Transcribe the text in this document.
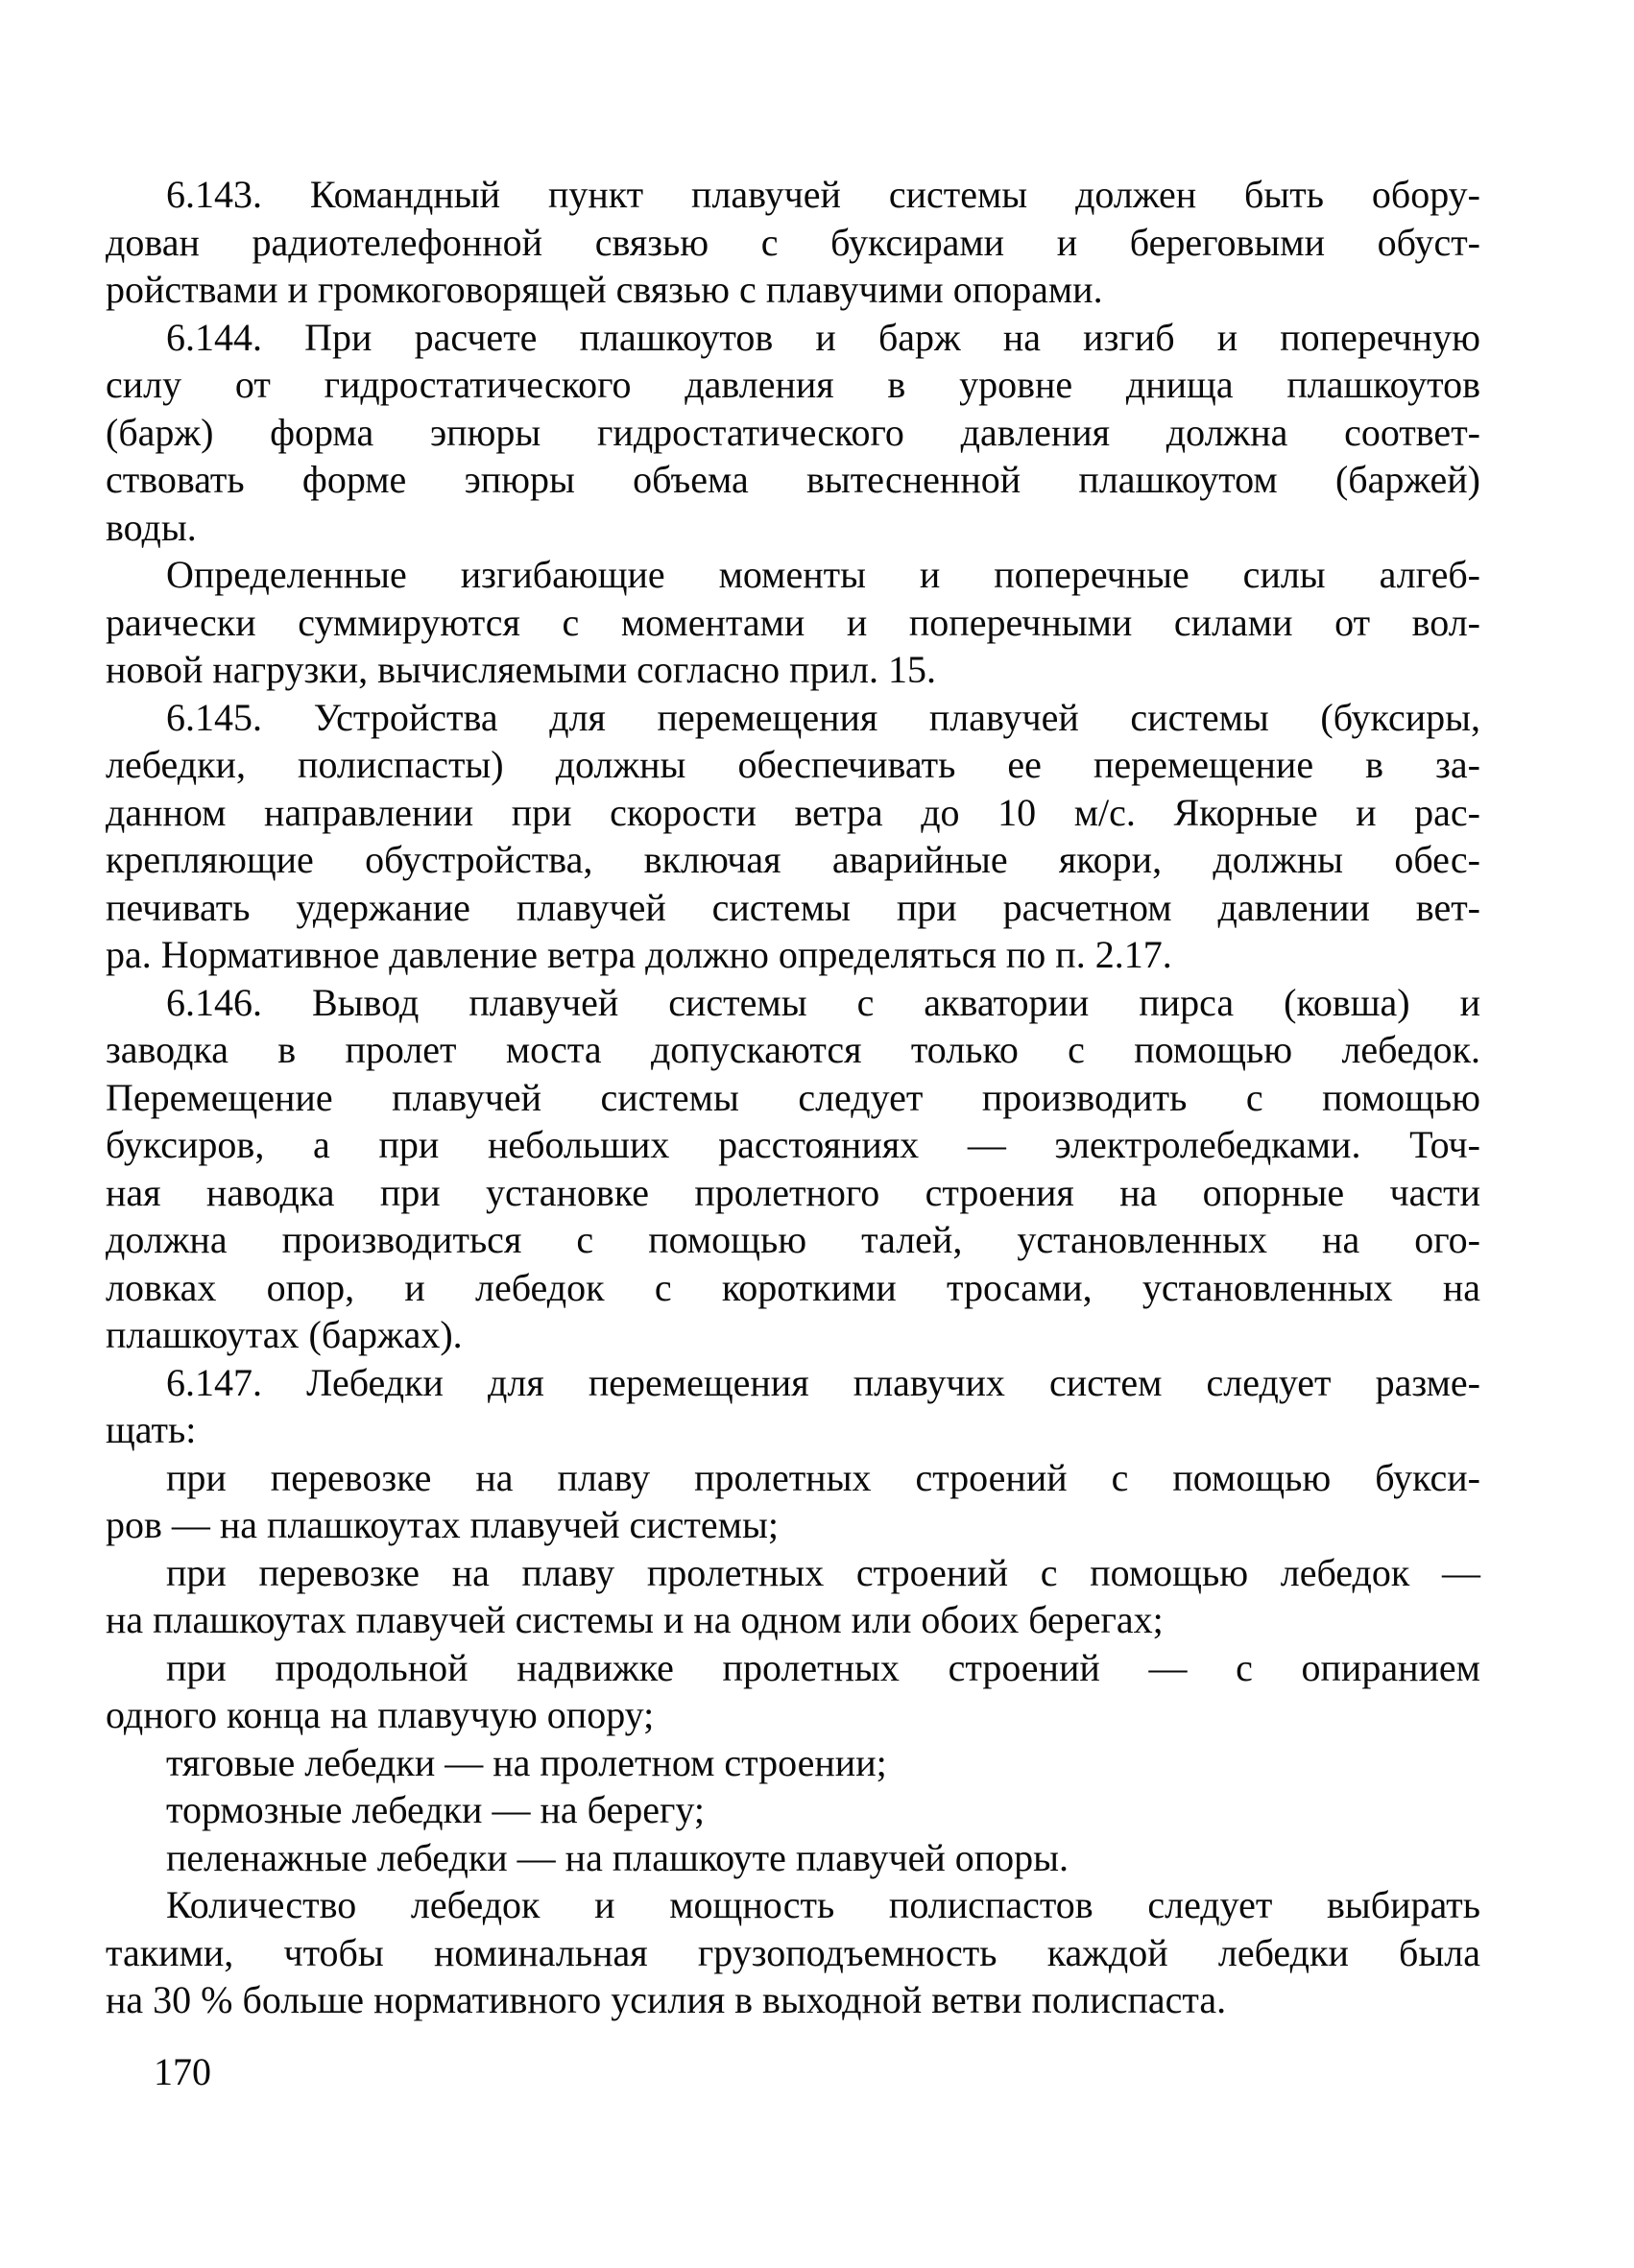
6.143. Командный пункт плавучей системы должен быть обору-
дован радиотелефонной связью с буксирами и береговыми обуст-
ройствами и громкоговорящей связью с плавучими опорами.
6.144. При расчете плашкоутов и барж на изгиб и поперечную
силу от гидростатического давления в уровне днища плашкоутов
(барж) форма эпюры гидростатического давления должна соответ-
ствовать форме эпюры объема вытесненной плашкоутом (баржей)
воды.
Определенные изгибающие моменты и поперечные силы алгеб-
раически суммируются с моментами и поперечными силами от вол-
новой нагрузки, вычисляемыми согласно прил. 15.
6.145. Устройства для перемещения плавучей системы (буксиры,
лебедки, полиспасты) должны обеспечивать ее перемещение в за-
данном направлении при скорости ветра до 10 м/с. Якорные и рас-
крепляющие обустройства, включая аварийные якори, должны обес-
печивать удержание плавучей системы при расчетном давлении вет-
ра. Нормативное давление ветра должно определяться по п. 2.17.
6.146. Вывод плавучей системы с акватории пирса (ковша) и
заводка в пролет моста допускаются только с помощью лебедок.
Перемещение плавучей системы следует производить с помощью
буксиров, а при небольших расстояниях — электролебедками. Точ-
ная наводка при установке пролетного строения на опорные части
должна производиться с помощью талей, установленных на ого-
ловках опор, и лебедок с короткими тросами, установленных на
плашкоутах (баржах).
6.147. Лебедки для перемещения плавучих систем следует разме-
щать:
при перевозке на плаву пролетных строений с помощью букси-
ров — на плашкоутах плавучей системы;
при перевозке на плаву пролетных строений с помощью лебедок —
на плашкоутах плавучей системы и на одном или обоих берегах;
при продольной надвижке пролетных строений — с опиранием
одного конца на плавучую опору;
тяговые лебедки — на пролетном строении;
тормозные лебедки — на берегу;
пеленажные лебедки — на плашкоуте плавучей опоры.
Количество лебедок и мощность полиспастов следует выбирать
такими, чтобы номинальная грузоподъемность каждой лебедки была
на 30 % больше нормативного усилия в выходной ветви полиспаста.
170
